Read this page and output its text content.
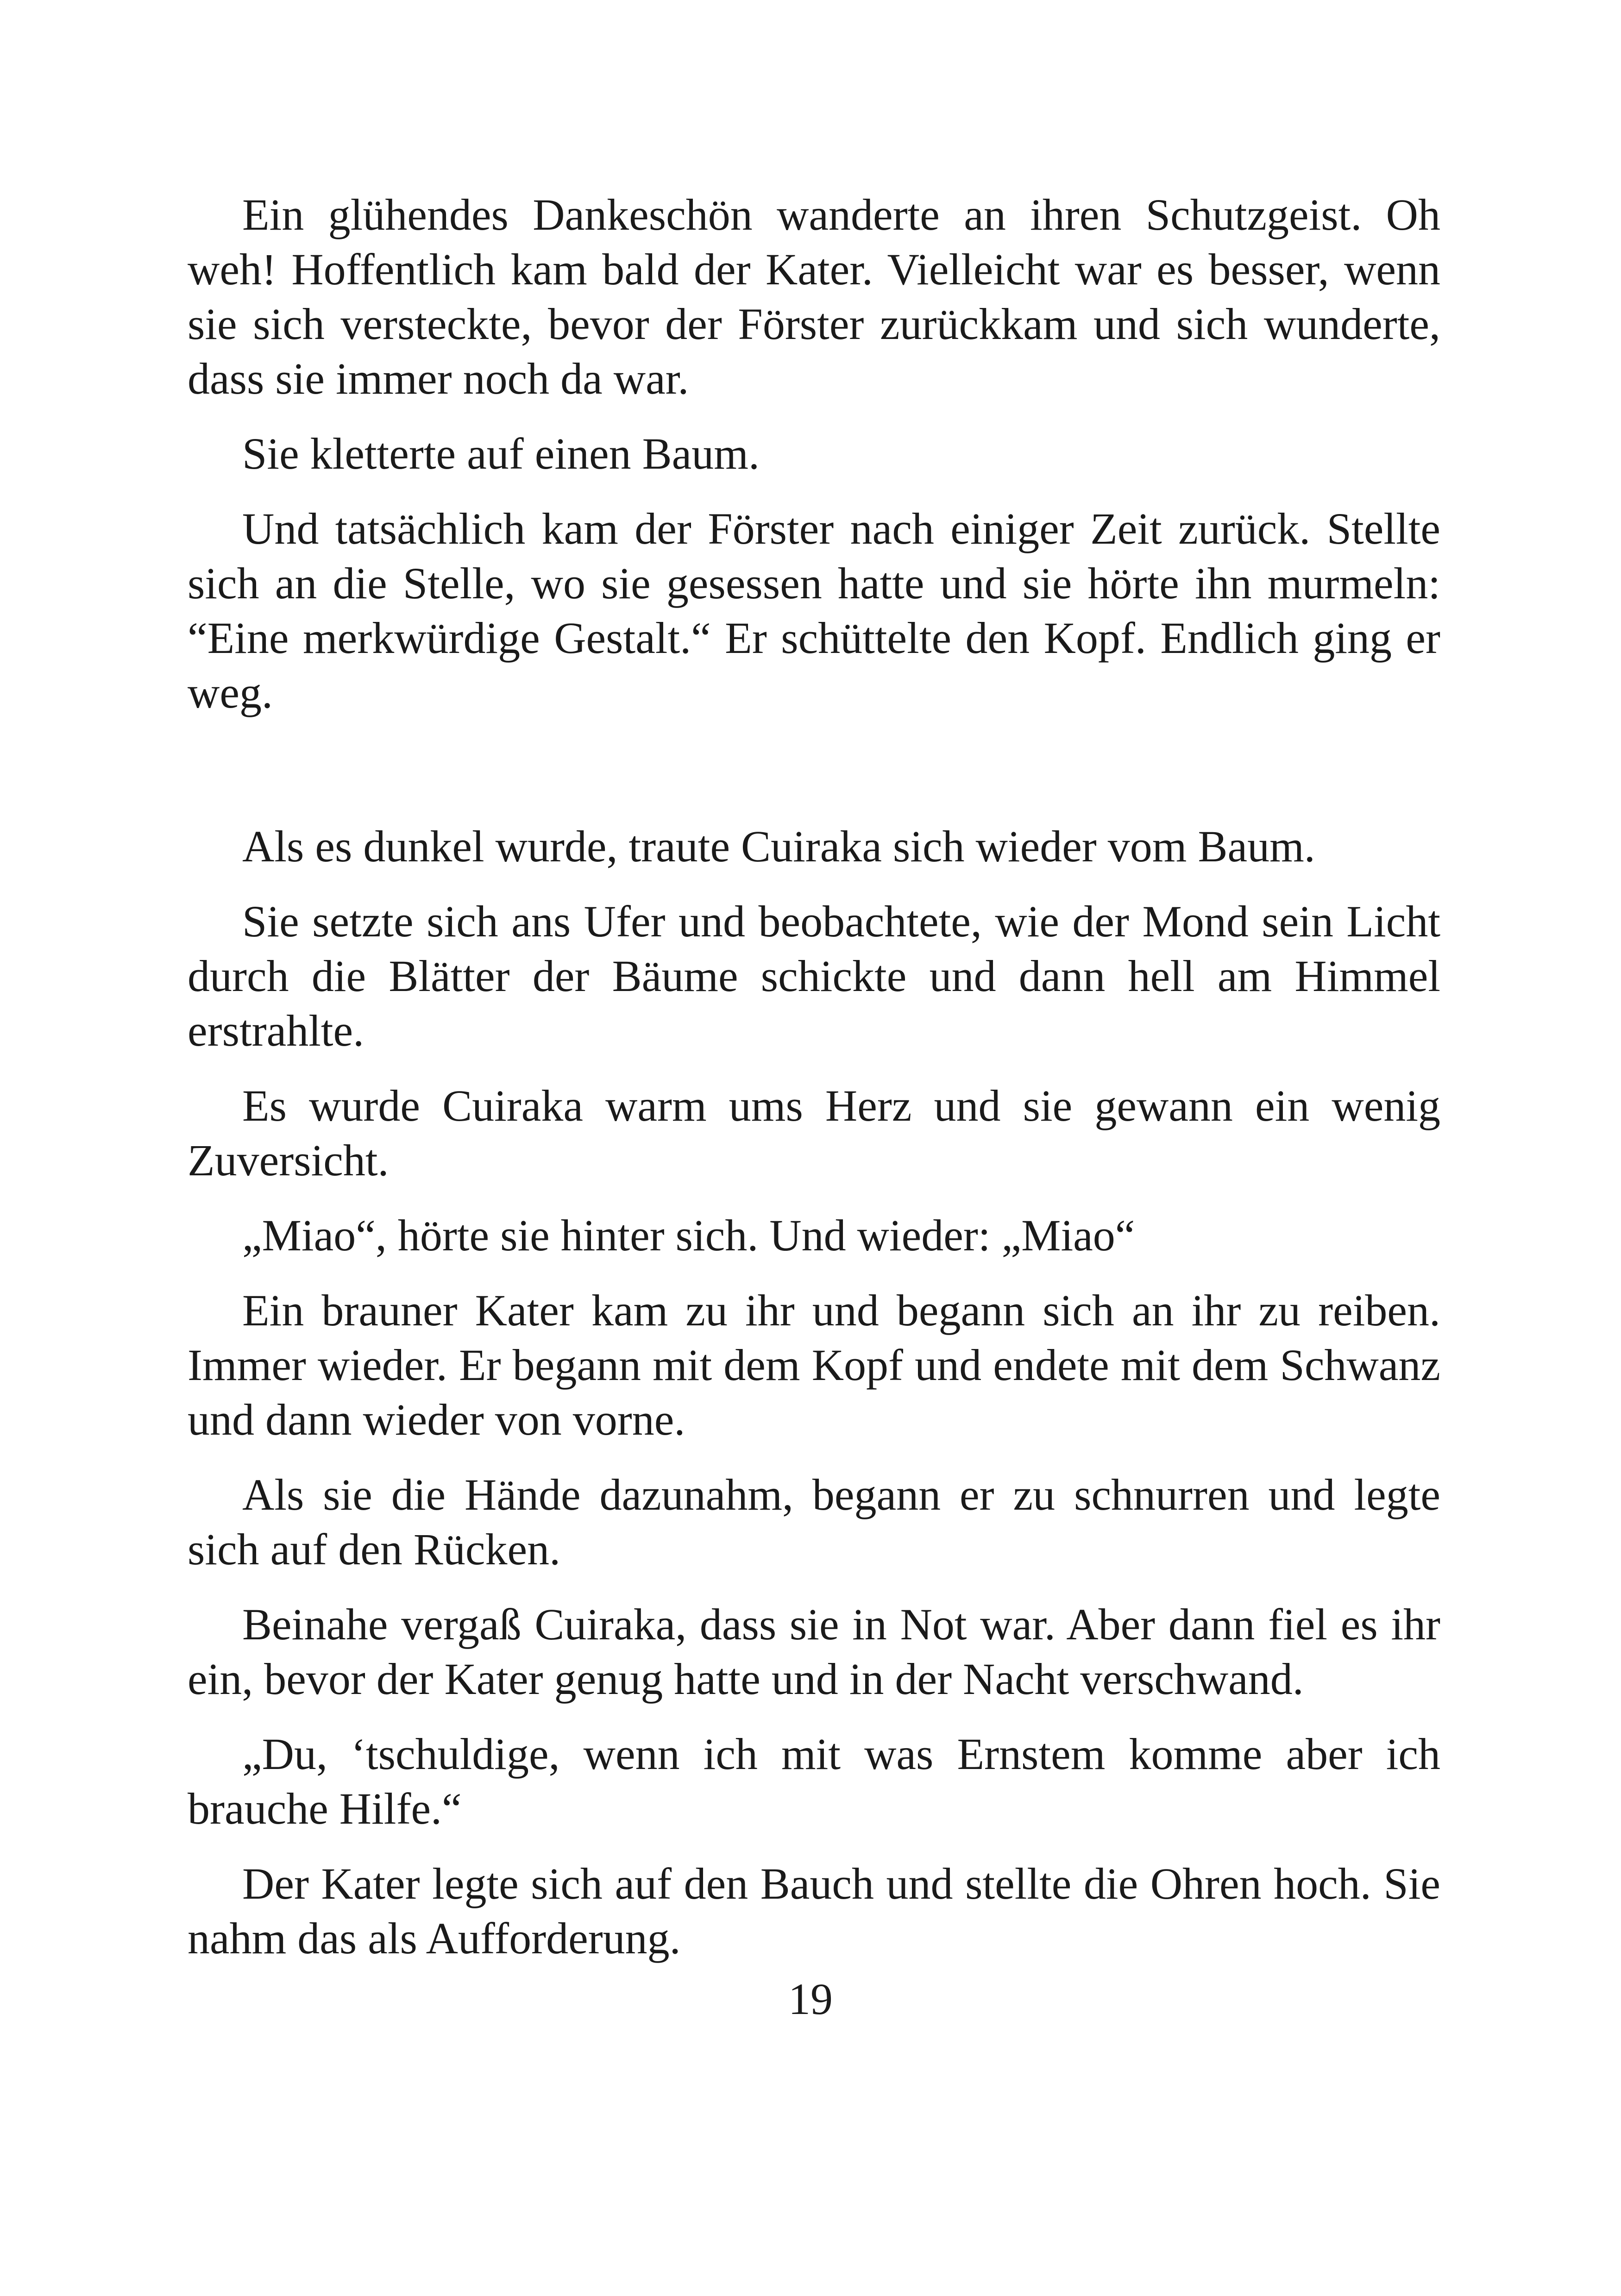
Ein glühendes Dankeschön wanderte an ihren Schutzgeist. Oh weh! Hoffentlich kam bald der Kater. Vielleicht war es besser, wenn sie sich versteckte, bevor der Förster zurückkam und sich wunderte, dass sie immer noch da war.

Sie kletterte auf einen Baum.

Und tatsächlich kam der Förster nach einiger Zeit zurück. Stellte sich an die Stelle, wo sie gesessen hatte und sie hörte ihn murmeln: “Eine merkwürdige Gestalt.“ Er schüttelte den Kopf. Endlich ging er weg.

Als es dunkel wurde, traute Cuiraka sich wieder vom Baum.

Sie setzte sich ans Ufer und beobachtete, wie der Mond sein Licht durch die Blätter der Bäume schickte und dann hell am Himmel erstrahlte.

Es wurde Cuiraka warm ums Herz und sie gewann ein wenig Zuversicht.

„Miao“, hörte sie hinter sich. Und wieder: „Miao“

Ein brauner Kater kam zu ihr und begann sich an ihr zu reiben. Immer wieder. Er begann mit dem Kopf und endete mit dem Schwanz und dann wieder von vorne.

Als sie die Hände dazunahm, begann er zu schnurren und legte sich auf den Rücken.

Beinahe vergaß Cuiraka, dass sie in Not war. Aber dann fiel es ihr ein, bevor der Kater genug hatte und in der Nacht verschwand.

„Du, ‘tschuldige, wenn ich mit was Ernstem komme aber ich brauche Hilfe.“

Der Kater legte sich auf den Bauch und stellte die Ohren hoch. Sie nahm das als Aufforderung.

19
